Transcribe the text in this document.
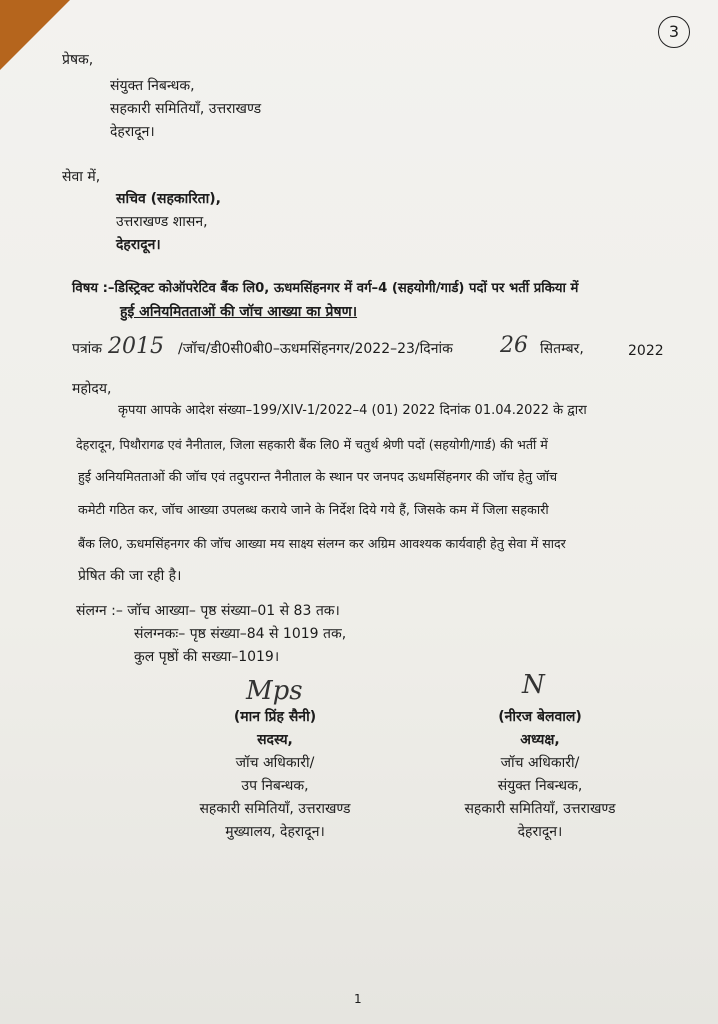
3
प्रेषक,
संयुक्त निबन्धक,
सहकारी समितियॉं, उत्तराखण्ड
देहरादून।
सेवा में,
सचिव (सहकारिता),
उत्तराखण्ड शासन,
देहरादून।
विषय :–डिस्ट्रिक्ट कोऑपरेटिव बैंक लि0, ऊधमसिंहनगर में वर्ग–4 (सहयोगी/गार्ड) पदों पर भर्ती प्रकिया में
हुई अनियमितताओं की जॉच आख्या का प्रेषण।
पत्रांक 2015 /जॉच/डी0सी0बी0–ऊधमसिंहनगर/2022–23/दिनांक 26 सितम्बर,	2022
महोदय,
कृपया आपके आदेश संख्या–199/XIV-1/2022–4 (01) 2022 दिनांक 01.04.2022 के द्वारा
देहरादून, पिथौरागढ एवं नैनीताल, जिला सहकारी बैंक लि0 में चतुर्थ श्रेणी पदों (सहयोगी/गार्ड) की भर्ती में
हुई अनियमितताओं की जॉच एवं तदुपरान्त नैनीताल के स्थान पर जनपद ऊधमसिंहनगर की जॉच हेतु जॉच
कमेटी गठित कर, जॉच आख्या उपलब्ध कराये जाने के निर्देश दिये गये हैं, जिसके कम में जिला सहकारी
बैंक लि0, ऊधमसिंहनगर की जॉच आख्या मय साक्ष्य संलग्न कर अग्रिम आवश्यक कार्यवाही हेतु सेवा में सादर
प्रेषित की जा रही है।
संलग्न :– जॉच आख्या– पृष्ठ संख्या–01 से 83 तक।
संलग्नकः– पृष्ठ संख्या–84 से 1019 तक,
कुल पृष्ठों की सख्या–1019।
Mps
(मान प्रिंह सैनी)
सदस्य,
जॉच अधिकारी/
उप निबन्धक,
सहकारी समितियॉं, उत्तराखण्ड
मुख्यालय, देहरादून।
N
(नीरज बेलवाल)
अध्यक्ष,
जॉच अधिकारी/
संयुक्त निबन्धक,
सहकारी समितियॉं, उत्तराखण्ड
देहरादून।
1
